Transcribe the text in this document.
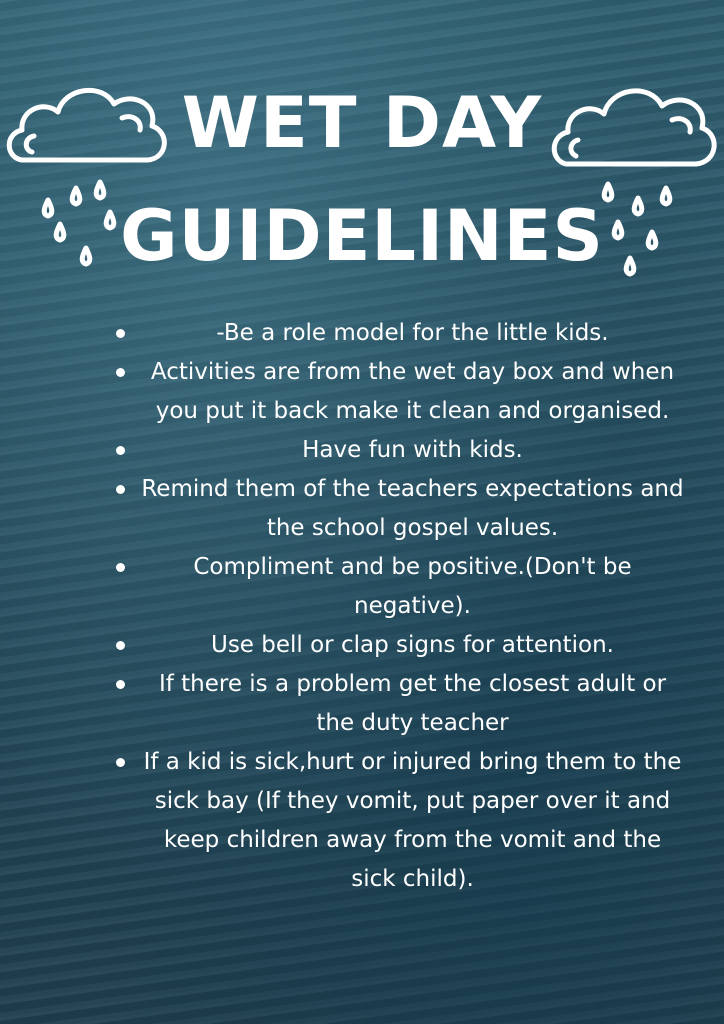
WET DAY
GUIDELINES
-Be a role model for the little kids.
Activities are from the wet day box and when you put it back make it clean and organised.
Have fun with kids.
Remind them of the teachers expectations and the school gospel values.
Compliment and be positive.(Don't be negative).
Use bell or clap signs for attention.
If there is a problem get the closest adult or the duty teacher
If a kid is sick,hurt or injured bring them to the sick bay (If they vomit, put paper over it and keep children away from the vomit and the sick child).
